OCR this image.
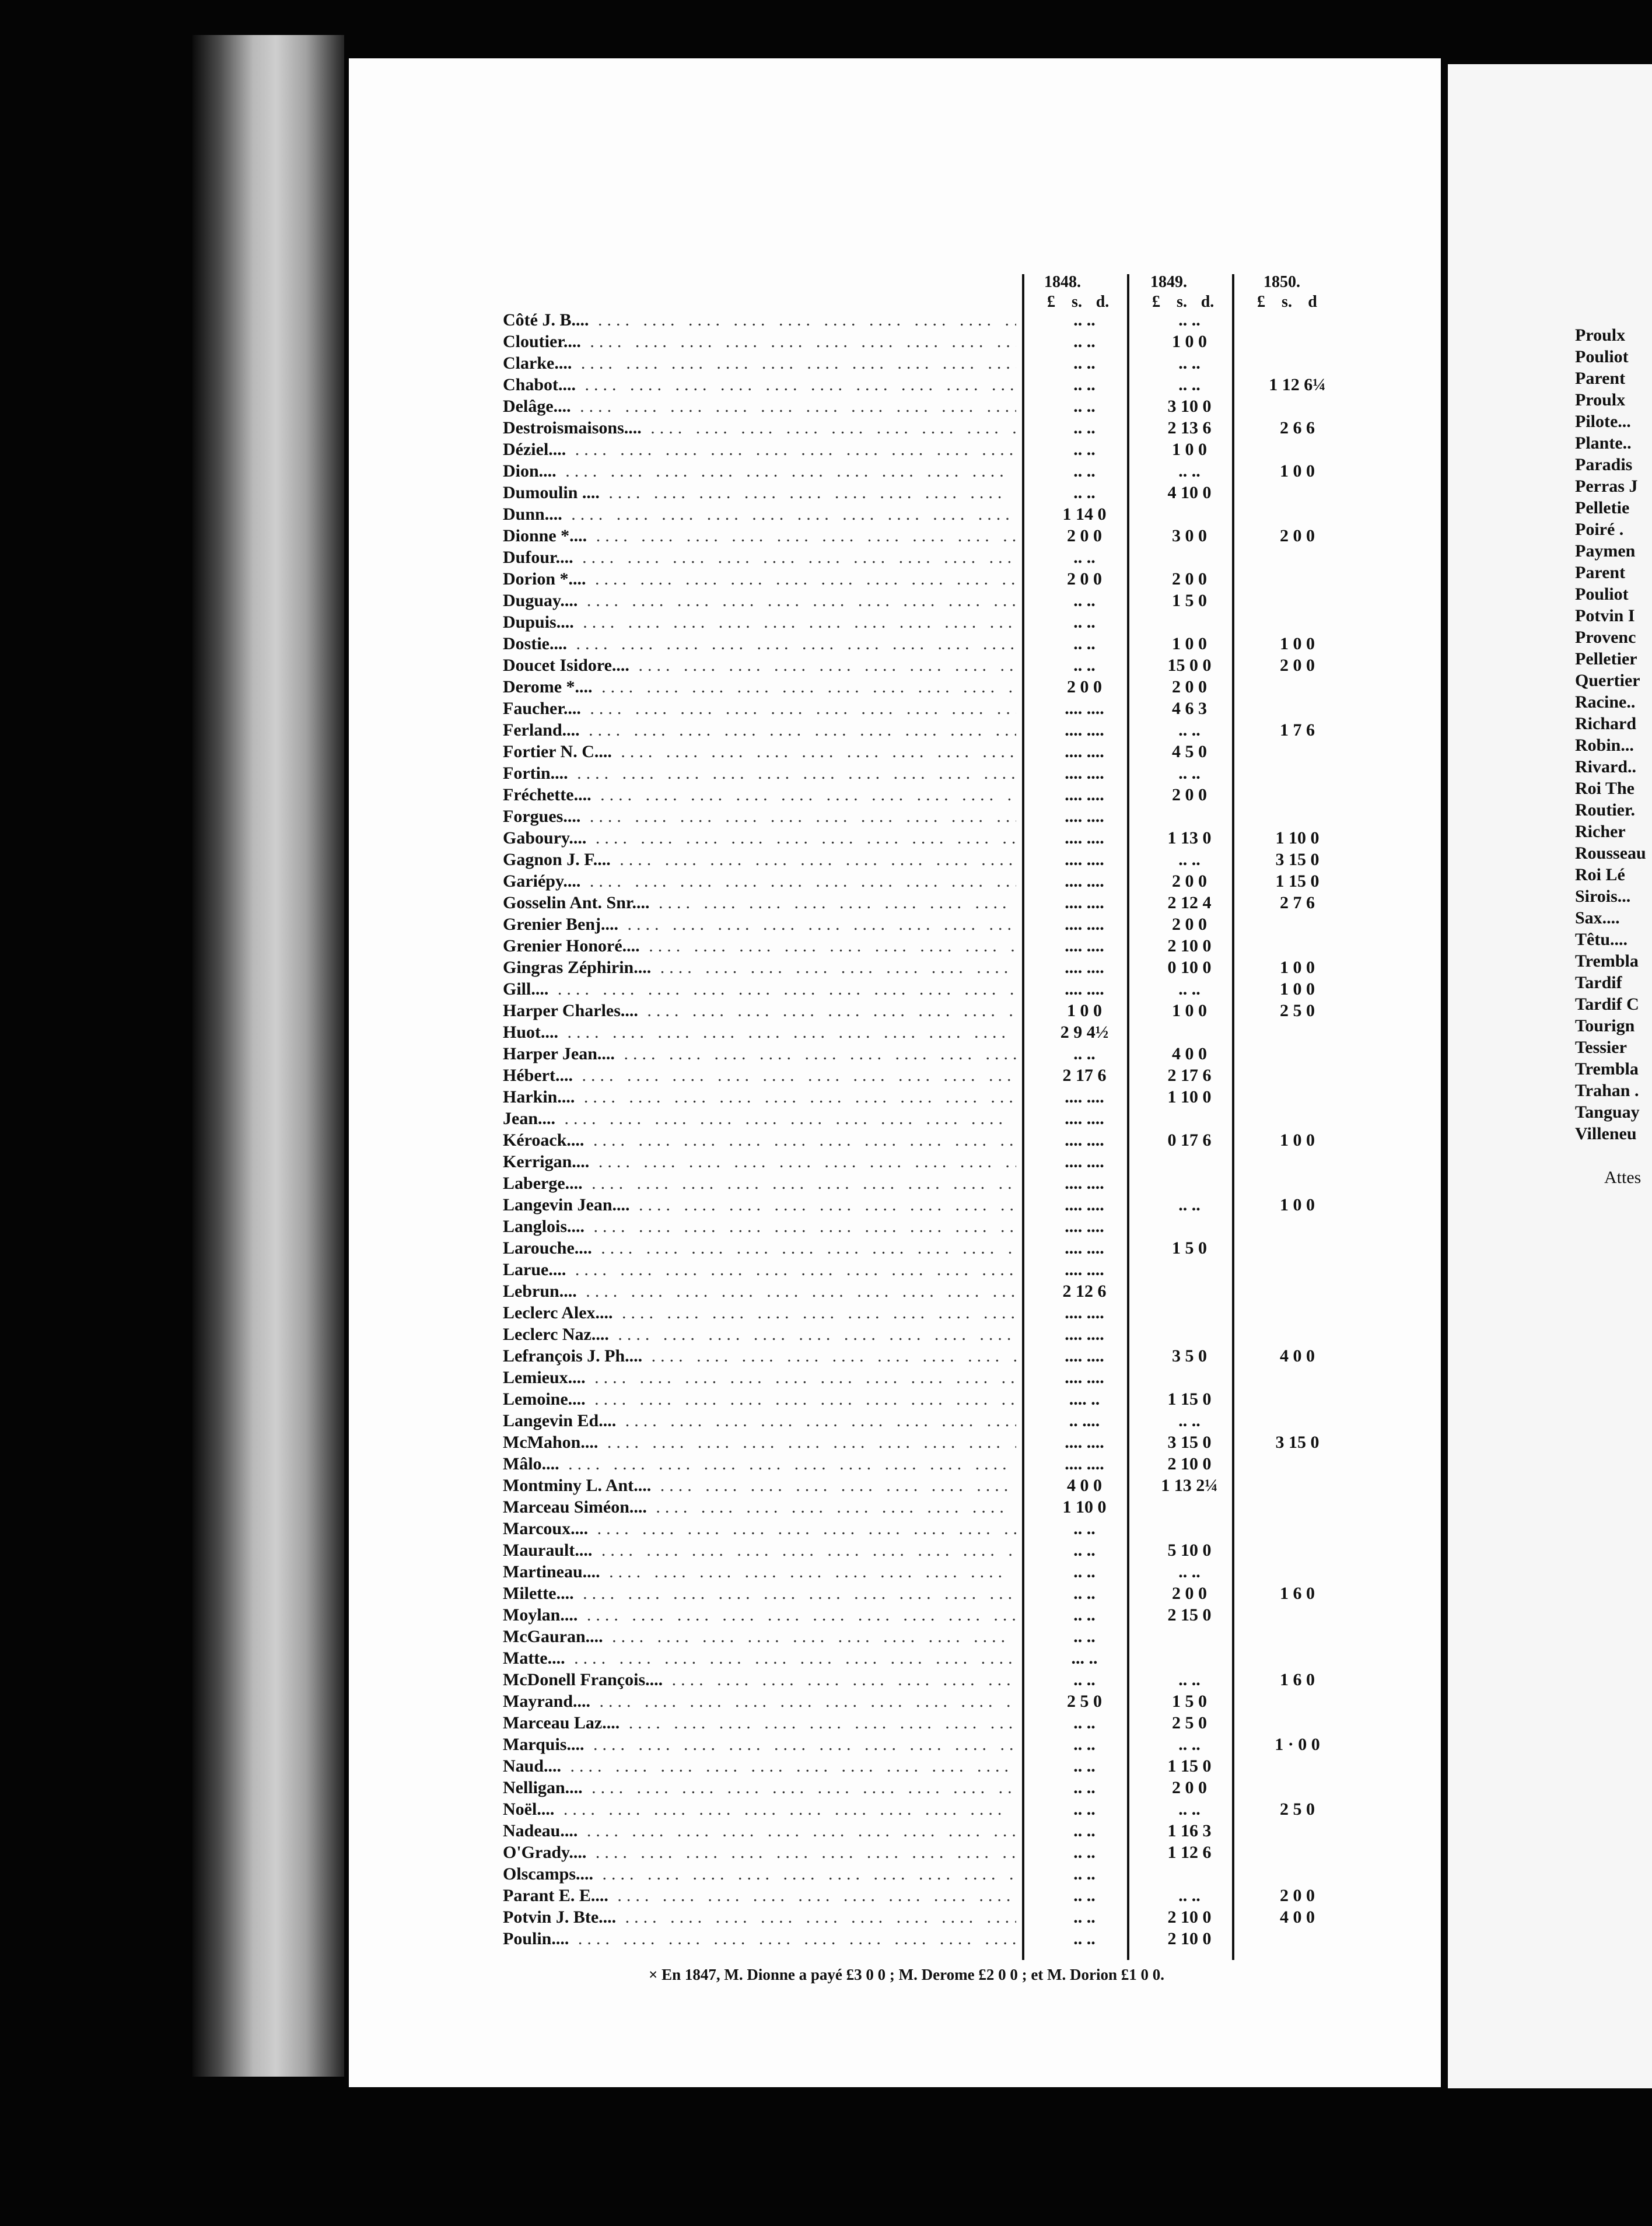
1848.	1849.	1850.
£ s. d.	£ s. d.	£ s. d
Côté J. B.... ....	.. ..	.. ..
Cloutier.... ....	.. ..	1 0 0
Clarke.... ....	.. ..	.. ..
Chabot.... ....	.. ..	.. ..	1 12 6¼
Delâge.... ....	.. ..	3 10 0
Destroismaisons.... ....	.. ..	2 13 6	2 6 6
Déziel.... ....	.. ..	1 0 0
Dion.... ....	.. ..	.. ..	1 0 0
Dumoulin .... ....	.. ..	4 10 0
Dunn.... ....	1 14 0
Dionne *.... ....	2 0 0	3 0 0	2 0 0
Dufour.... ....	.. ..
Dorion *.... ....	2 0 0	2 0 0
Duguay.... ....	.. ..	1 5 0
Dupuis.... ....	.. ..
Dostie.... ....	.. ..	1 0 0	1 0 0
Doucet Isidore.... ....	.. ..	15 0 0	2 0 0
Derome *.... ....	2 0 0	2 0 0
Faucher.... ....	.... ....	4 6 3
Ferland.... ....	.... ....	.. ..	1 7 6
Fortier N. C.... ....	.... ....	4 5 0
Fortin.... ....	.... ....	.. ..
Fréchette.... ....	.... ....	2 0 0
Forgues.... ....	.... ....
Gaboury.... ....	.... ....	1 13 0	1 10 0
Gagnon J. F.... ....	.... ....	.. ..	3 15 0
Gariépy.... ....	.... ....	2 0 0	1 15 0
Gosselin Ant. Snr.... ....	.... ....	2 12 4	2 7 6
Grenier Benj.... ....	.... ....	2 0 0
Grenier Honoré.... ....	.... ....	2 10 0
Gingras Zéphirin.... ....	.... ....	0 10 0	1 0 0
Gill.... ....	.... ....	.. ..	1 0 0
Harper Charles.... ....	1 0 0	1 0 0	2 5 0
Huot.... ....	2 9 4½
Harper Jean.... ....	.. ..	4 0 0
Hébert.... ....	2 17 6	2 17 6
Harkin.... ....	.... ....	1 10 0
Jean.... ....	.... ....
Kéroack.... ....	.... ....	0 17 6	1 0 0
Kerrigan.... ....	.... ....
Laberge.... ....	.... ....
Langevin Jean.... ....	.... ....	.. ..	1 0 0
Langlois.... ....	.... ....
Larouche.... ....	.... ....	1 5 0
Larue.... ....	.... ....
Lebrun.... ....	2 12 6
Leclerc Alex.... ....	.... ....
Leclerc Naz.... ....	.... ....
Lefrançois J. Ph.... ....	.... ....	3 5 0	4 0 0
Lemieux.... ....	.... ....
Lemoine.... ....	.... ..	1 15 0
Langevin Ed.... ....	.. ....	.. ..
McMahon.... ....	.... ....	3 15 0	3 15 0
Mâlo.... ....	.... ....	2 10 0
Montminy L. Ant.... ....	4 0 0	1 13 2¼
Marceau Siméon.... ....	1 10 0
Marcoux.... ....	.. ..
Maurault.... ....	.. ..	5 10 0
Martineau.... ....	.. ..	.. ..
Milette.... ....	.. ..	2 0 0	1 6 0
Moylan.... ....	.. ..	2 15 0
McGauran.... ....	.. ..
Matte.... ....	... ..
McDonell François.... ....	.. ..	.. ..	1 6 0
Mayrand.... ....	2 5 0	1 5 0
Marceau Laz.... ....	.. ..	2 5 0
Marquis.... ....	.. ..	.. ..	1 · 0 0
Naud.... ....	.. ..	1 15 0
Nelligan.... ....	.. ..	2 0 0
Noël.... ....	.. ..	.. ..	2 5 0
Nadeau.... ....	.. ..	1 16 3
O'Grady.... ....	.. ..	1 12 6
Olscamps.... ....	.. ..
Parant E. E.... ....	.. ..	.. ..	2 0 0
Potvin J. Bte.... ....	.. ..	2 10 0	4 0 0
Poulin.... ....	.. ..	2 10 0
× En 1847, M. Dionne a payé £3 0 0 ; M. Derome £2 0 0 ; et M. Dorion £1 0 0.
Proulx
Pouliot
Parent
Proulx
Pilote...
Plante..
Paradis
Perras J
Pelletie
Poiré .
Paymen
Parent
Pouliot
Potvin I
Provenc
Pelletier
Quertier
Racine..
Richard
Robin...
Rivard..
Roi The
Routier.
Richer
Rousseau
Roi Lé
Sirois...
Sax....
Têtu....
Trembla
Tardif
Tardif C
Tourign
Tessier
Trembla
Trahan .
Tanguay
Villeneu
Attes
